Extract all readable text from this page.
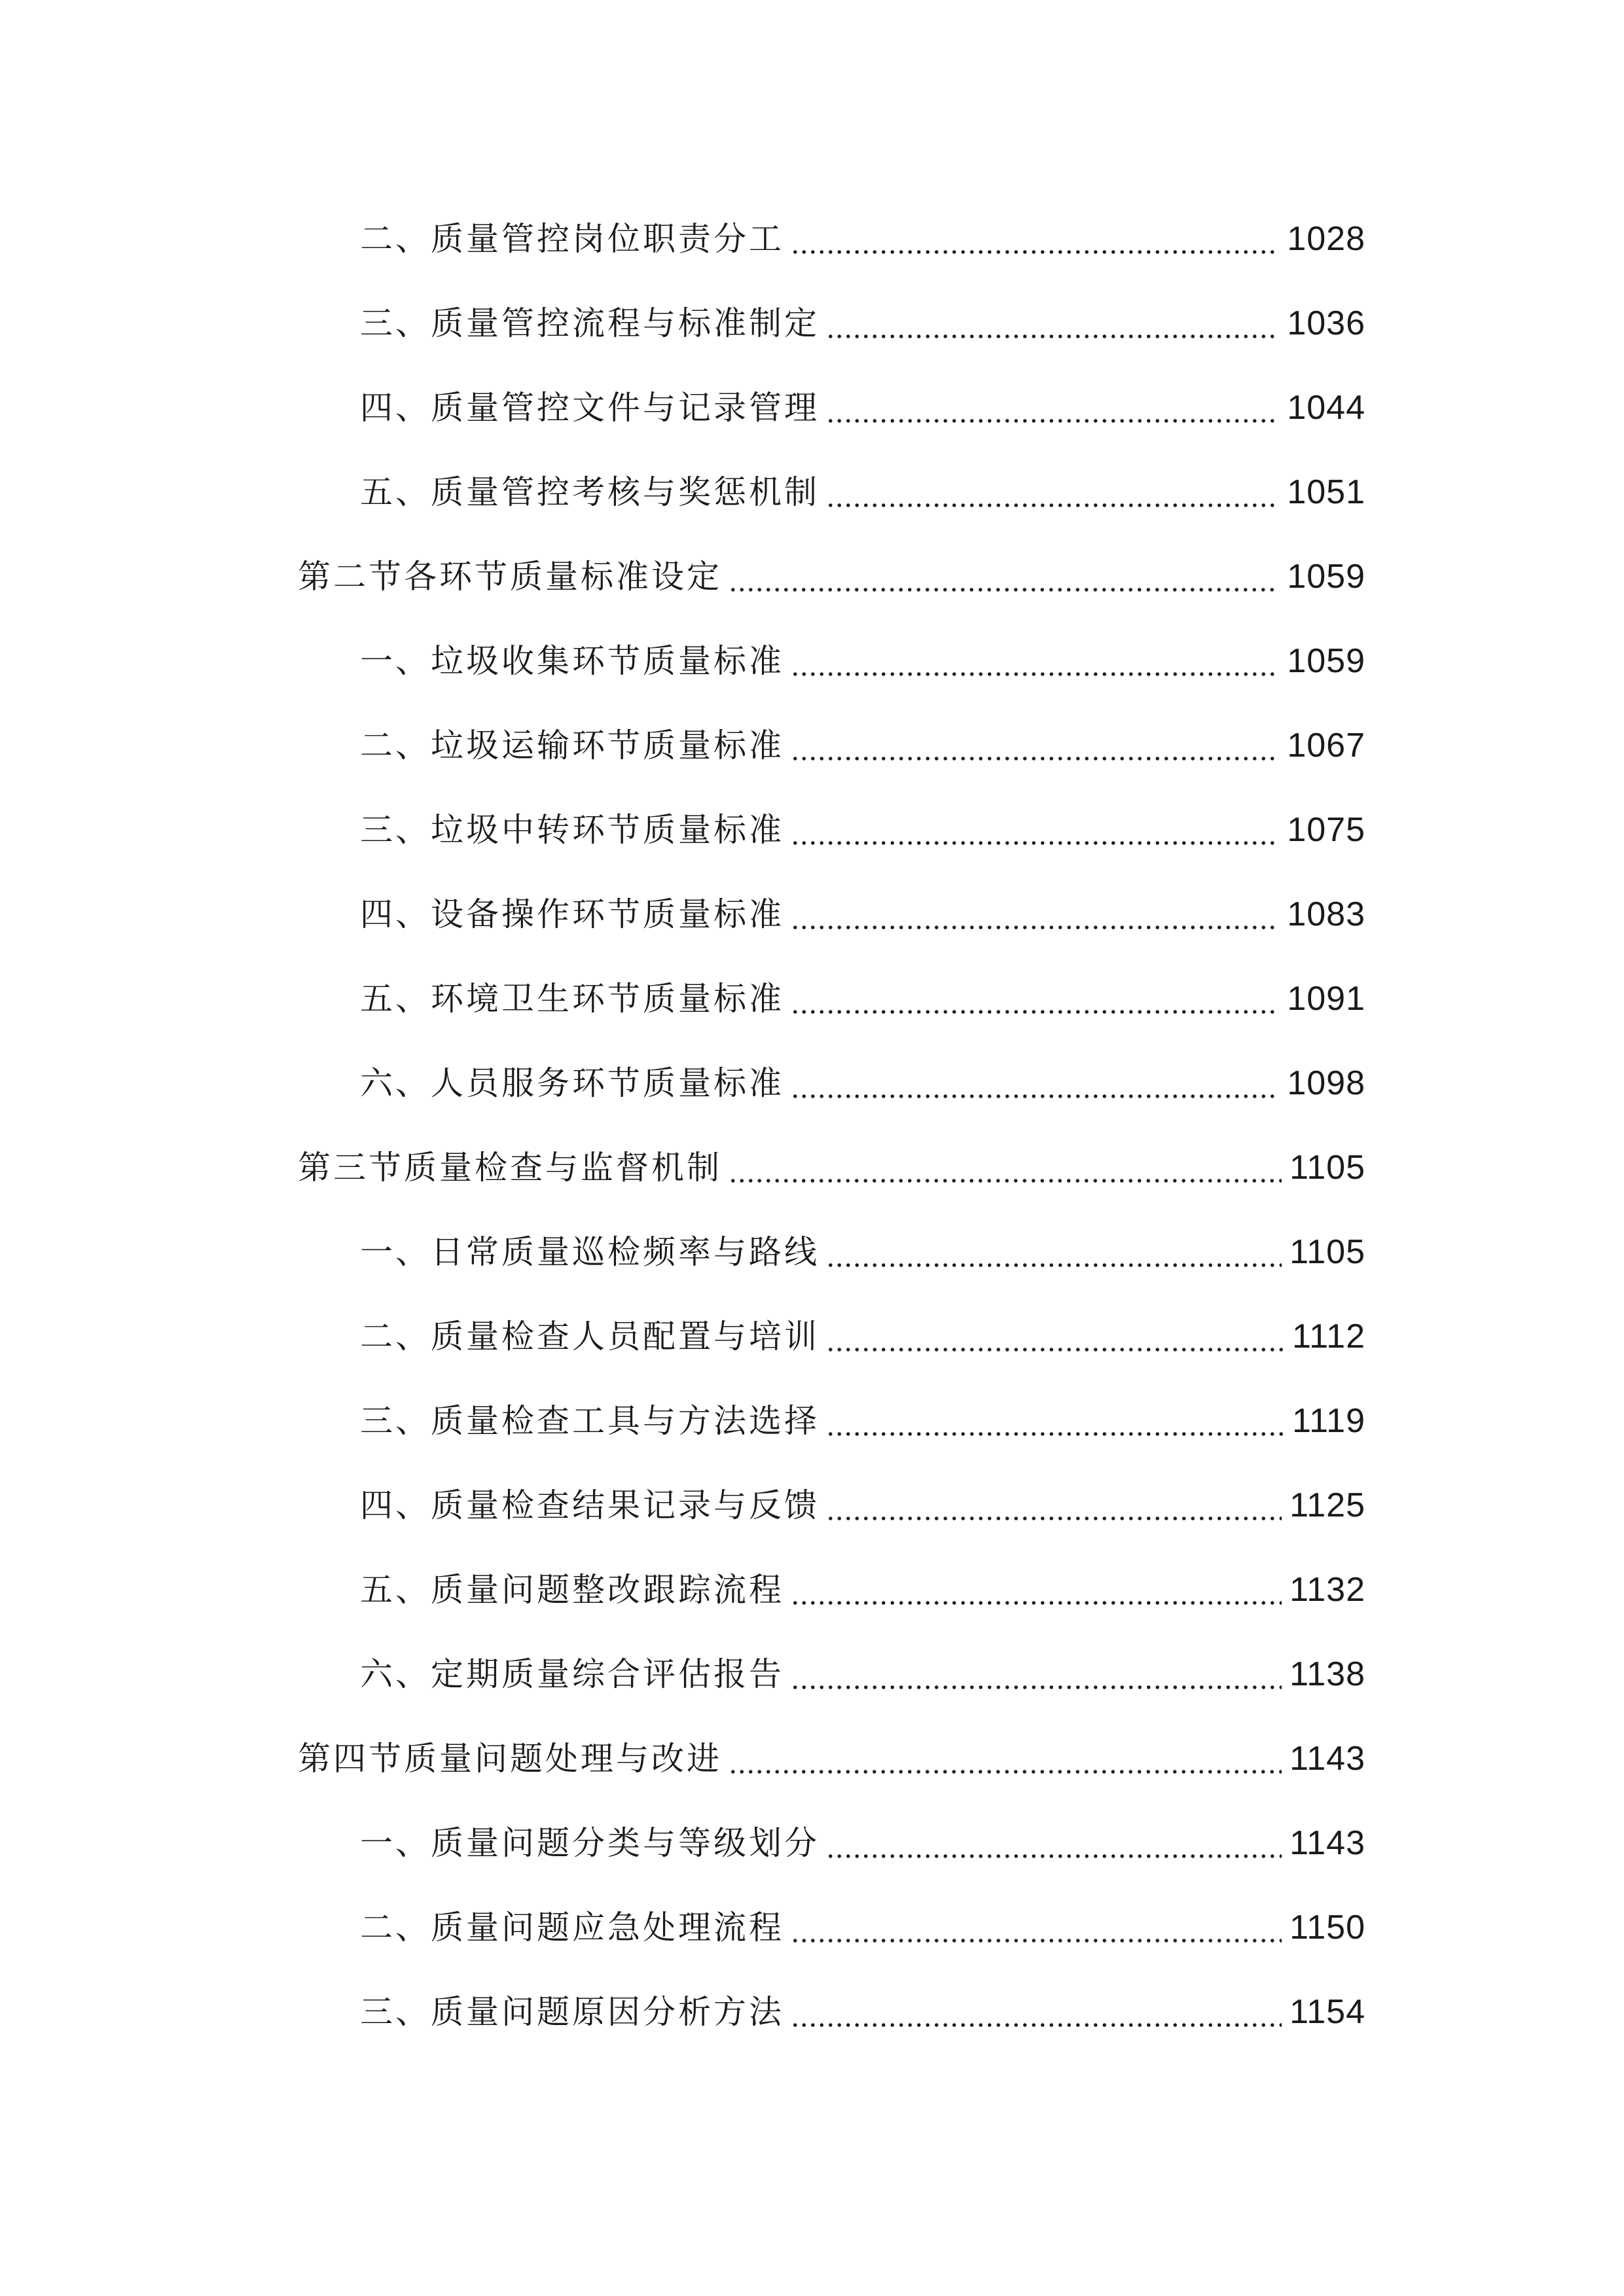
二、质量管控岗位职责分工	1028
三、质量管控流程与标准制定	1036
四、质量管控文件与记录管理	1044
五、质量管控考核与奖惩机制	1051
第二节各环节质量标准设定	1059
一、垃圾收集环节质量标准	1059
二、垃圾运输环节质量标准	1067
三、垃圾中转环节质量标准	1075
四、设备操作环节质量标准	1083
五、环境卫生环节质量标准	1091
六、人员服务环节质量标准	1098
第三节质量检查与监督机制	1105
一、日常质量巡检频率与路线	1105
二、质量检查人员配置与培训	1112
三、质量检查工具与方法选择	1119
四、质量检查结果记录与反馈	1125
五、质量问题整改跟踪流程	1132
六、定期质量综合评估报告	1138
第四节质量问题处理与改进	1143
一、质量问题分类与等级划分	1143
二、质量问题应急处理流程	1150
三、质量问题原因分析方法	1154
